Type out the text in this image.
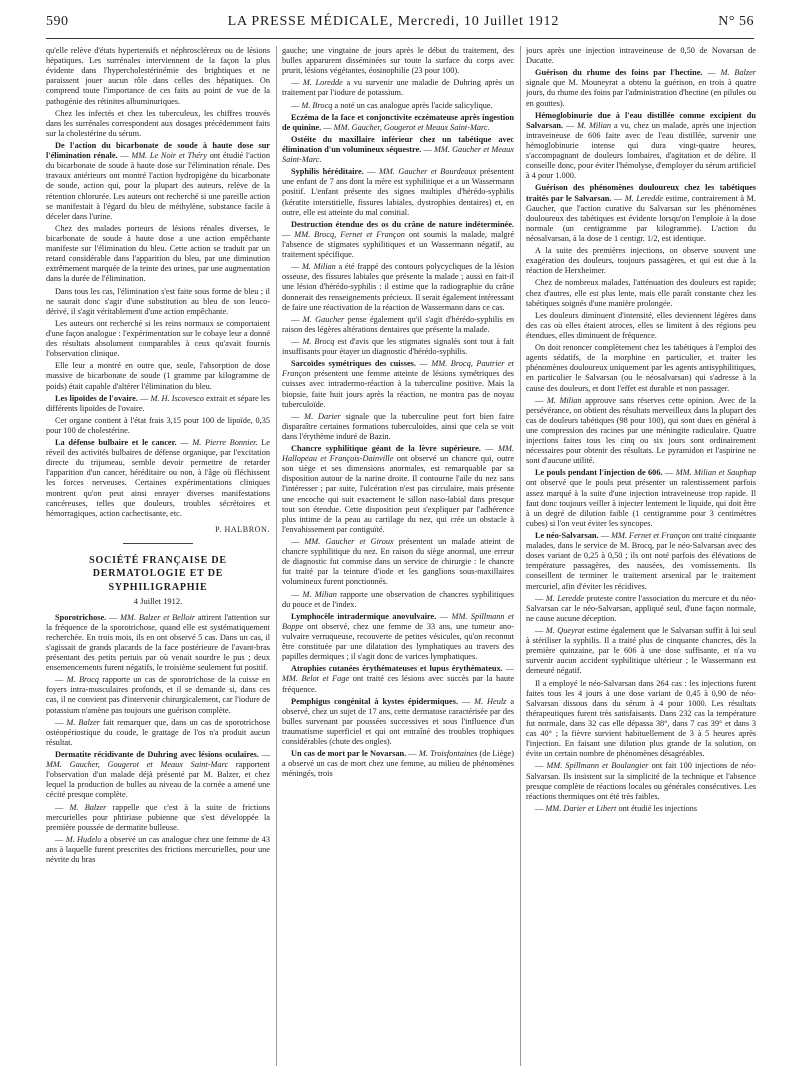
590	LA PRESSE MÉDICALE, Mercredi, 10 Juillet 1912	N° 56

qu'elle relève d'états hypertensifs et néphroscléreux ou de lésions hépatiques. Les surrénales interviennent de la façon la plus évidente dans l'hypercholestérinémie des brightiques et ne paraissent jouer aucun rôle dans celles des hépatiques. On comprend toute l'importance de ces faits au point de vue de la pathogénie des rétinites albuminuriques.

Chez les infectés et chez les tuberculeux, les chiffres trouvés dans les surrénales correspondent aux dosages précédemment faits sur la cholestérine du sérum.

De l'action du bicarbonate de soude à haute dose sur l'élimination rénale. — MM. Le Noir et Théry ont étudié l'action du bicarbonate de soude à haute dose sur l'élimination rénale. Des travaux antérieurs ont montré l'action hydropigène du bicarbonate de soude, action qui, pour la plupart des auteurs, relève de la rétention chlorurée. Les auteurs ont recherché si une pareille action se manifestait à l'égard du bleu de méthylène, substance facile à déceler dans l'urine.

Chez des malades porteurs de lésions rénales diverses, le bicarbonate de soude à haute dose a une action empêchante manifeste sur l'élimination du bleu. Cette action se traduit par un retard considérable dans l'apparition du bleu, par une diminution extrêmement marquée de la teinte des urines, par une augmentation dans la durée de l'élimination.

Dans tous les cas, l'élimination s'est faite sous forme de bleu ; il ne saurait donc s'agir d'une substitution au bleu de son leuco-dérivé, il s'agit véritablement d'une action empêchante.

Les auteurs ont recherché si les reins normaux se comportaient d'une façon analogue : l'expérimentation sur le cobaye leur a donné des résultats absolument comparables à ceux qu'avait fournis l'observation clinique.

Elle leur a montré en outre que, seule, l'absorption de dose massive de bicarbonate de soude (1 gramme par kilogramme de poids) était capable d'altérer l'élimination du bleu.

Les lipoïdes de l'ovaire. — M. H. Iscovesco extrait et sépare les différents lipoïdes de l'ovaire.

Cet organe contient à l'état frais 3,15 pour 100 de lipoïde, 0,35 pour 100 de cholestérine.

La défense bulbaire et le cancer. — M. Pierre Bonnier. Le réveil des activités bulbaires de défense organique, par l'excitation directe du trijumeau, semble devoir permettre de retarder l'apparition d'un cancer, héréditaire ou non, à l'âge où fléchissent les forces nerveuses. Certaines expérimentations cliniques montrent qu'on peut ainsi enrayer diverses manifestations cancéreuses, telles que douleurs, troubles sécrétoires et hémorragiques, action cachectisante, etc.

P. HALBRON.
SOCIÉTÉ FRANÇAISE DE DERMATOLOGIE ET DE SYPHILIGRAPHIE
4 Juillet 1912.

Sporotrichose. — MM. Balzer et Belloir attirent l'attention sur la fréquence de la sporotrichose, quand elle est systématiquement recherchée. En trois mois, ils en ont observé 5 cas. Dans un cas, il s'agissait de grands placards de la face postérieure de l'avant-bras présentant des petits pertuis par où venait sourdre le pus ; deux ensemencements furent négatifs, le troisième seulement fut positif.

— M. Brocq rapporte un cas de sporotrichose de la cuisse en foyers intra-musculaires profonds, et il se demande si, dans ces cas, il ne convient pas d'intervenir chirurgicalement, car l'iodure de potassium n'amène pas toujours une guérison complète.

— M. Balzer fait remarquer que, dans un cas de sporotrichose ostéopériostique du coude, le grattage de l'os n'a produit aucun résultat.

Dermatite récidivante de Duhring avec lésions oculaires. — MM. Gaucher, Gougerot et Meaux Saint-Marc rapportent l'observation d'un malade déjà présenté par M. Balzer, et chez lequel la production de bulles au niveau de la cornée a amené une cécité presque complète.

— M. Balzer rappelle que c'est à la suite de frictions mercurielles pour phtiriase pubienne que s'est développée la première poussée de dermatite bulleuse.

— M. Hudelo a observé un cas analogue chez une femme de 43 ans à laquelle furent prescrites des frictions mercurielles, pour une névrite du bras

gauche; une vingtaine de jours après le début du traitement, des bulles apparurent disséminées sur toute la surface du corps avec prurit, lésions végétantes, éosinophilie (23 pour 100).

— M. Loredde a vu survenir une maladie de Duhring après un traitement par l'iodure de potassium.

— M. Brocq a noté un cas analogue après l'acide salicylique.

Eczéma de la face et conjonctivite eczémateuse après ingestion de quinine. — MM. Gaucher, Gougerot et Meaux Saint-Marc.

Ostéite du maxillaire inférieur chez un tabétique avec élimination d'un volumineux séquestre. — MM. Gaucher et Meaux Saint-Marc.

Syphilis héréditaire. — MM. Gaucher et Bourdeaux présentent une enfant de 7 ans dont la mère est syphilitique et a un Wassermann positif. L'enfant présente des signes multiples d'hérédo-syphilis (kératite interstitielle, fissures labiales, dystrophies dentaires) et, en outre, elle est atteinte du mal comitial.

Destruction étendue des os du crâne de nature indéterminée. — MM. Brocq, Fernet et Françon ont soumis la malade, malgré l'absence de stigmates syphilitiques et un Wassermann négatif, au traitement spécifique.

— M. Milian a été frappé des contours polycycliques de la lésion osseuse, des fissures labiales que présente la malade ; aussi en fait-il une lésion d'hérédo-syphilis : il estime que la radiographie du crâne donnerait des renseignements précieux. Il serait également intéressant de faire une réactivation de la réaction de Wassermann dans ce cas.

— M. Gaucher pense également qu'il s'agit d'hérédo-syphilis en raison des légères altérations dentaires que présente la malade.

— M. Brocq est d'avis que les stigmates signalés sont tout à fait insuffisants pour étayer un diagnostic d'hérédo-syphilis.

Sarcoïdes symétriques des cuisses. — MM. Brocq, Pautrier et Françon présentent une femme atteinte de lésions symétriques des cuisses avec intradermo-réaction à la tuberculine positive. Mais la biopsie, faite huit jours après la réaction, ne montra pas de noyau tuberculoïde.

— M. Darier signale que la tuberculine peut fort bien faire disparaître certaines formations tuberculoïdes, ainsi que cela se voit dans l'érythème induré de Bazin.

Chancre syphilitique géant de la lèvre supérieure. — MM. Hallopeau et François-Dainville ont observé un chancre qui, outre son siège et ses dimensions anormales, est remarquable par sa disposition autour de la narine droite. Il contourne l'aile du nez sans l'intéresser ; par suite, l'ulcération n'est pas circulaire, mais présente une encoche qui suit exactement le sillon naso-labial dans presque tout son étendue. Cette disposition peut s'expliquer par l'adhérence plus intime de la peau au cartilage du nez, qui crée un obstacle à l'envahissement par contiguïté.

— MM. Gaucher et Giroux présentent un malade atteint de chancre syphilitique du nez. En raison du siège anormal, une erreur de diagnostic fut commise dans un service de chirurgie : le chancre fut traité par la teinture d'iode et les ganglions sous-maxillaires volumineux furent ponctionnés.

— M. Milian rapporte une observation de chancres syphilitiques du pouce et de l'index.

Lymphocèle intradermique anovulvaire. — MM. Spillmann et Boppe ont observé, chez une femme de 33 ans, une tumeur ano-vulvaire verruqueuse, recouverte de petites vésicules, qu'on reconnut être constituée par une dilatation des lymphatiques au travers des papilles dermiques ; il s'agit donc de varices lymphatiques.

Atrophies cutanées érythémateuses et lupus érythémateux. — MM. Belot et Fage ont traité ces lésions avec succès par la haute fréquence.

Pemphigus congénital à kystes épidermiques. — M. Heulz a observé, chez un sujet de 17 ans, cette dermatose caractérisée par des bulles survenant par poussées successives et sous l'influence d'un traumatisme superficiel et qui ont entraîné des troubles trophiques considérables (chute des ongles).

Un cas de mort par le Novarsan. — M. Troisfontaines (de Liège) a observé un cas de mort chez une femme, au milieu de phénomènes méningés, trois

jours après une injection intraveineuse de 0,50 de Novarsan de Ducatte.

Guérison du rhume des foins par l'hectine. — M. Balzer signale que M. Mouneyrat a obtenu la guérison, en trois à quatre jours, du rhume des foins par l'administration d'hectine (en pilules ou en gouttes).

Hémoglobinurie due à l'eau distillée comme excipient du Salvarsan. — M. Milian a vu, chez un malade, après une injection intraveineuse de 606 faite avec de l'eau distillée, survenir une hémoglobinurie intense qui dura vingt-quatre heures, s'accompagnant de douleurs lombaires, d'agitation et de délire. Il conseille donc, pour éviter l'hémolyse, d'employer du sérum artificiel à 4 pour 1.000.

Guérison des phénomènes douloureux chez les tabétiques traités par le Salvarsan. — M. Leredde estime, contrairement à M. Gaucher, que l'action curative du Salvarsan sur les phénomènes douloureux des tabétiques est évidente lorsqu'on l'emploie à la dose normale (un centigramme par kilogramme). L'action du néosalvarsan, à la dose de 1 centigr. 1/2, est identique.

A la suite des premières injections, on observe souvent une exagération des douleurs, toujours passagères, et qui est due à la réaction de Herxheimer.

Chez de nombreux malades, l'atténuation des douleurs est rapide; chez d'autres, elle est plus lente, mais elle paraît constante chez les tabétiques soignés d'une manière prolongée.

Les douleurs diminuent d'intensité, elles deviennent légères dans des cas où elles étaient atroces, elles se limitent à des régions peu étendues, elles diminuent de fréquence.

On doit renoncer complètement chez les tabétiques à l'emploi des agents sédatifs, de la morphine en particulier, et traiter les phénomènes douloureux uniquement par les agents antisyphilitiques, en particulier le Salvarsan (ou le néosalvarsan) qui s'adresse à la cause des douleurs, et dont l'effet est durable et non passager.

— M. Milian approuve sans réserves cette opinion. Avec de la persévérance, on obtient des résultats merveilleux dans la plupart des cas de douleurs tabétiques (98 pour 100), qui sont dues en général à une compression des racines par une méningite radiculaire. Quatre injections faites tous les cinq ou six jours sont ordinairement nécessaires pour obtenir des résultats. Le pyramidon et l'aspirine ne sont d'aucune utilité.

Le pouls pendant l'injection de 606. — MM. Milian et Sauphap ont observé que le pouls peut présenter un ralentissement parfois assez marqué à la suite d'une injection intraveineuse trop rapide. Il faut donc toujours veiller à injecter lentement le liquide, qui doit être à un degré de dilution faible (1 centigramme pour 3 centimètres cubes) si l'on veut éviter les syncopes.

Le néo-Salvarsan. — MM. Fernet et Françon ont traité cinquante malades, dans le service de M. Brocq, par le néo-Salvarsan avec des doses variant de 0,25 à 0,50 ; ils ont noté parfois des élévations de température passagères, des nausées, des vomissements. Ils conseillent de terminer le traitement arsenical par le traitement mercuriel, afin d'éviter les récidives.

— M. Leredde proteste contre l'association du mercure et du néo-Salvarsan car le néo-Salvarsan, appliqué seul, d'une façon normale, ne cause aucune déception.

— M. Queyrat estime également que le Salvarsan suffit à lui seul à stériliser la syphilis. Il a traité plus de cinquante chancres, dès la première quinzaine, par le 606 à une dose suffisante, et n'a vu survenir aucun accident syphilitique ultérieur ; le Wassermann est demeuré négatif.

Il a employé le néo-Salvarsan dans 264 cas : les injections furent faites tous les 4 jours à une dose variant de 0,45 à 0,90 de néo-Salvarsan dissous dans du sérum à 4 pour 1000. Les résultats thérapeutiques furent très satisfaisants. Dans 232 cas la température fut normale, dans 32 cas elle dépassa 38°, dans 7 cas 39° et dans 3 cas 40° ; la fièvre survient habituellement de 3 à 5 heures après l'injection. En faisant une dilution plus grande de la solution, on évite un certain nombre de phénomènes désagréables.

— MM. Spillmann et Boulangier ont fait 100 injections de néo-Salvarsan. Ils insistent sur la simplicité de la technique et l'absence presque complète de réactions locales ou générales consécutives. Les réactions thermiques ont été très faibles.

— MM. Darier et Libert ont étudié les injections
